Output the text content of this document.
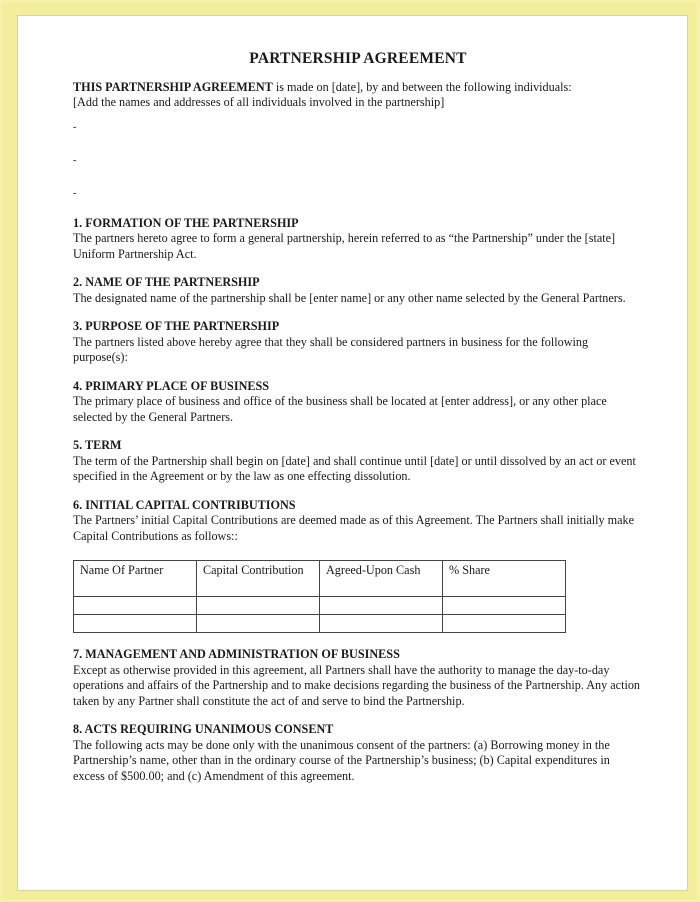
PARTNERSHIP AGREEMENT

THIS PARTNERSHIP AGREEMENT is made on [date], by and between the following individuals:

[Add the names and addresses of all individuals involved in the partnership]

-
-
-
1. FORMATION OF THE PARTNERSHIP

The partners hereto agree to form a general partnership, herein referred to as “the Partnership” under the [state] Uniform Partnership Act.

2. NAME OF THE PARTNERSHIP

The designated name of the partnership shall be [enter name] or any other name selected by the General Partners.

3. PURPOSE OF THE PARTNERSHIP

The partners listed above hereby agree that they shall be considered partners in business for the following purpose(s):

4. PRIMARY PLACE OF BUSINESS

The primary place of business and office of the business shall be located at [enter address], or any other place selected by the General Partners.

5. TERM

The term of the Partnership shall begin on [date] and shall continue until [date] or until dissolved by an act or event specified in the Agreement or by the law as one effecting dissolution.

6. INITIAL CAPITAL CONTRIBUTIONS

The Partners’ initial Capital Contributions are deemed made as of this Agreement. The Partners shall initially make Capital Contributions as follows::

Name Of Partner	Capital Contribution	Agreed-Upon Cash	% Share

7. MANAGEMENT AND ADMINISTRATION OF BUSINESS

Except as otherwise provided in this agreement, all Partners shall have the authority to manage the day-to-day operations and affairs of the Partnership and to make decisions regarding the business of the Partnership. Any action taken by any Partner shall constitute the act of and serve to bind the Partnership.

8. ACTS REQUIRING UNANIMOUS CONSENT

The following acts may be done only with the unanimous consent of the partners: (a) Borrowing money in the Partnership’s name, other than in the ordinary course of the Partnership’s business; (b) Capital expenditures in excess of $500.00; and (c) Amendment of this agreement.
